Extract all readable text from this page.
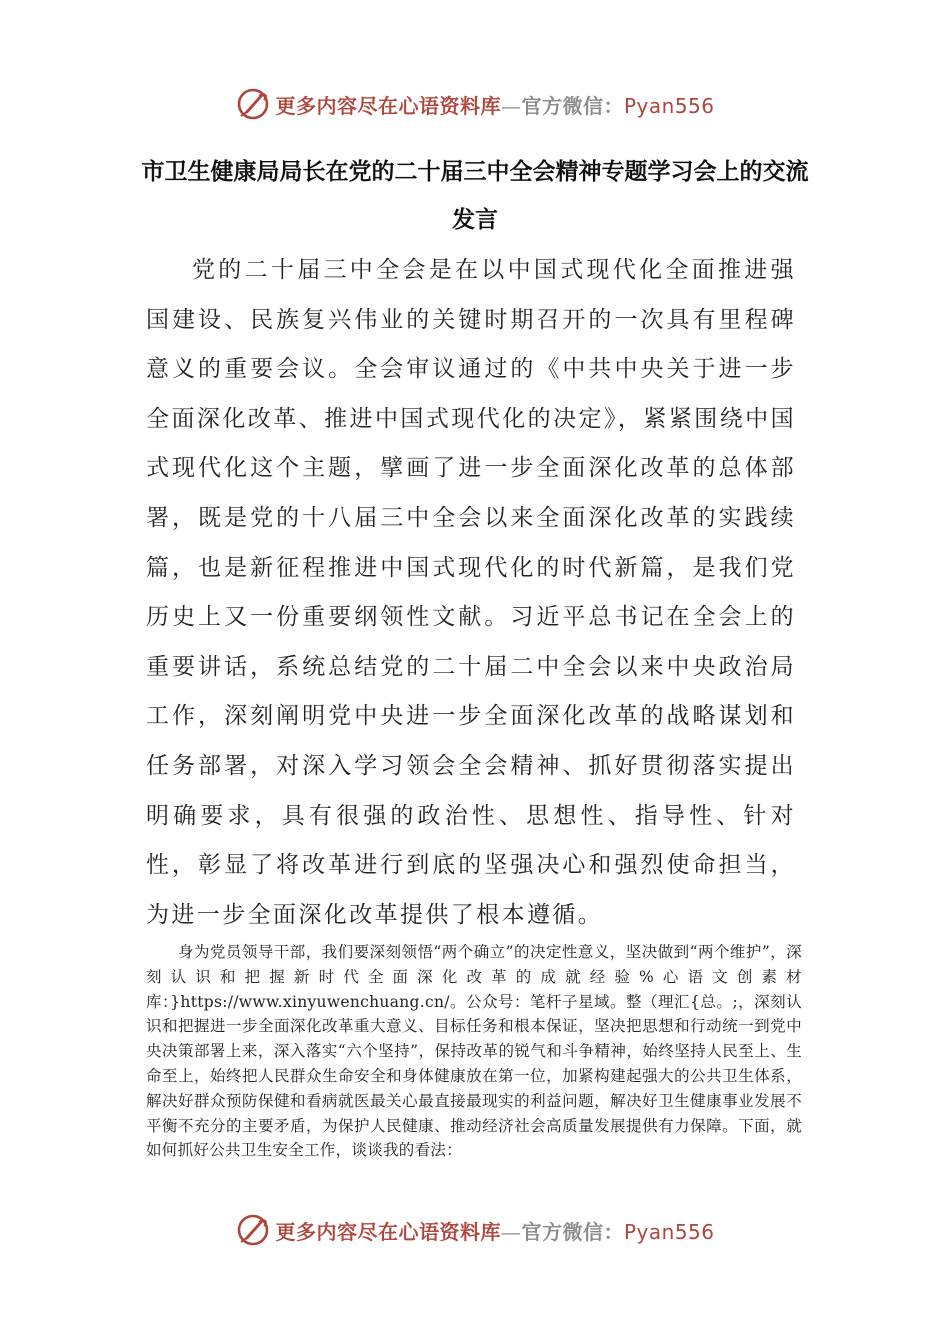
更多内容尽在心语资料库—官方微信：Pyan556
市卫生健康局局长在党的二十届三中全会精神专题学习会上的交流发言
党的二十届三中全会是在以中国式现代化全面推进强国建设、民族复兴伟业的关键时期召开的一次具有里程碑意义的重要会议。全会审议通过的《中共中央关于进一步全面深化改革、推进中国式现代化的决定》，紧紧围绕中国式现代化这个主题，擘画了进一步全面深化改革的总体部署，既是党的十八届三中全会以来全面深化改革的实践续篇，也是新征程推进中国式现代化的时代新篇，是我们党历史上又一份重要纲领性文献。习近平总书记在全会上的重要讲话，系统总结党的二十届二中全会以来中央政治局工作，深刻阐明党中央进一步全面深化改革的战略谋划和任务部署，对深入学习领会全会精神、抓好贯彻落实提出明确要求，具有很强的政治性、思想性、指导性、针对性，彰显了将改革进行到底的坚强决心和强烈使命担当，为进一步全面深化改革提供了根本遵循。
身为党员领导干部，我们要深刻领悟“两个确立”的决定性意义，坚决做到“两个维护”，深刻认识和把握新时代全面深化改革的成就经验%心语文创素材库：}https://www.xinyuwenchuang.cn/。公众号：笔杆子星域。整（理汇{总。;，深刻认识和把握进一步全面深化改革重大意义、目标任务和根本保证，坚决把思想和行动统一到党中央决策部署上来，深入落实“六个坚持”，保持改革的锐气和斗争精神，始终坚持人民至上、生命至上，始终把人民群众生命安全和身体健康放在第一位，加紧构建起强大的公共卫生体系，解决好群众预防保健和看病就医最关心最直接最现实的利益问题，解决好卫生健康事业发展不平衡不充分的主要矛盾，为保护人民健康、推动经济社会高质量发展提供有力保障。下面，就如何抓好公共卫生安全工作，谈谈我的看法：
更多内容尽在心语资料库—官方微信：Pyan556
